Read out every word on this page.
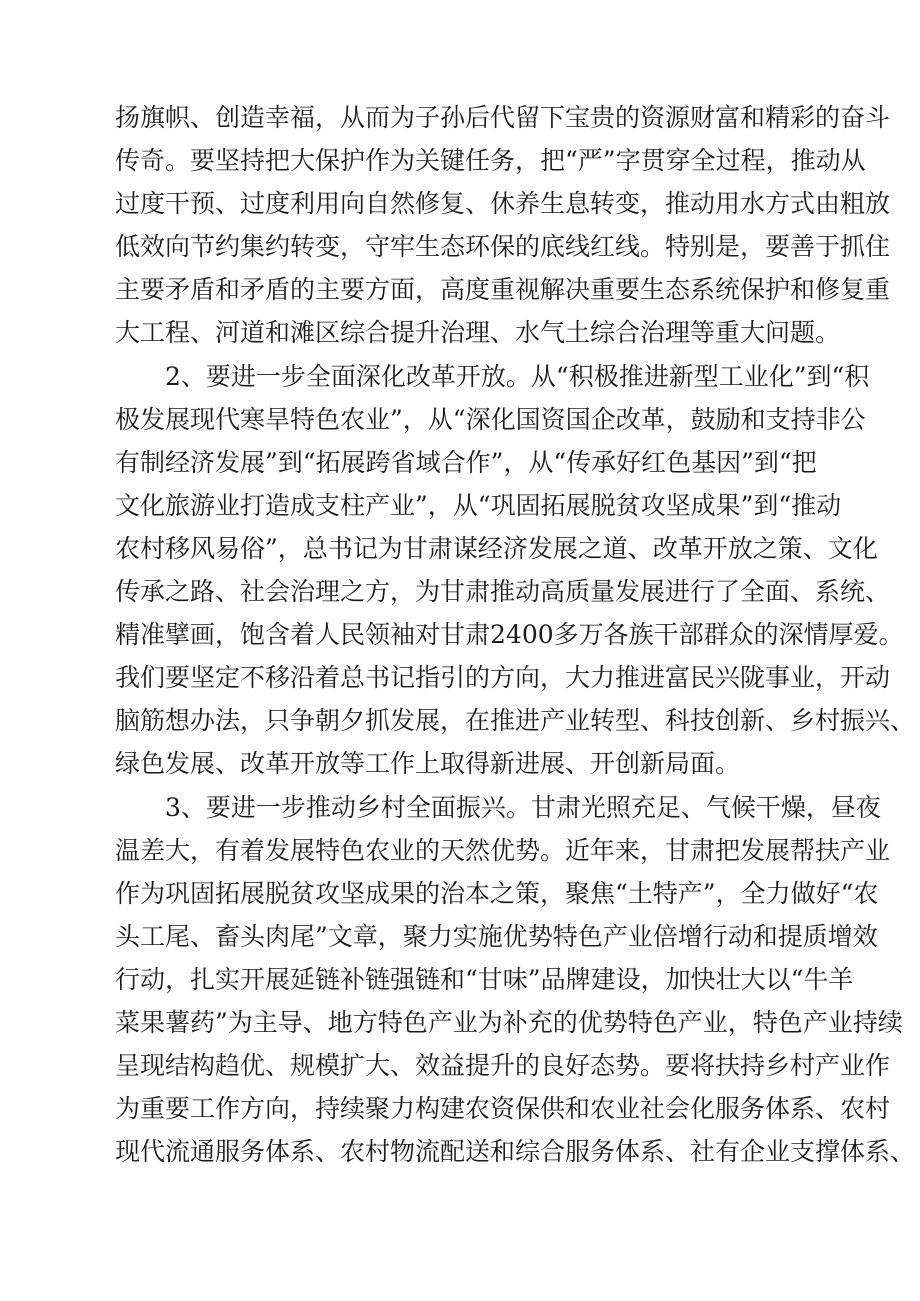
扬旗帜、创造幸福，从而为子孙后代留下宝贵的资源财富和精彩的奋斗
传奇。要坚持把大保护作为关键任务，把“严”字贯穿全过程，推动从
过度干预、过度利用向自然修复、休养生息转变，推动用水方式由粗放
低效向节约集约转变，守牢生态环保的底线红线。特别是，要善于抓住
主要矛盾和矛盾的主要方面，高度重视解决重要生态系统保护和修复重
大工程、河道和滩区综合提升治理、水气土综合治理等重大问题。
2、要进一步全面深化改革开放。从“积极推进新型工业化”到“积
极发展现代寒旱特色农业”，从“深化国资国企改革，鼓励和支持非公
有制经济发展”到“拓展跨省域合作”，从“传承好红色基因”到“把
文化旅游业打造成支柱产业”，从“巩固拓展脱贫攻坚成果”到“推动
农村移风易俗”，总书记为甘肃谋经济发展之道、改革开放之策、文化
传承之路、社会治理之方，为甘肃推动高质量发展进行了全面、系统、
精准擘画，饱含着人民领袖对甘肃2400多万各族干部群众的深情厚爱。
我们要坚定不移沿着总书记指引的方向，大力推进富民兴陇事业，开动
脑筋想办法，只争朝夕抓发展，在推进产业转型、科技创新、乡村振兴、
绿色发展、改革开放等工作上取得新进展、开创新局面。
3、要进一步推动乡村全面振兴。甘肃光照充足、气候干燥，昼夜
温差大，有着发展特色农业的天然优势。近年来，甘肃把发展帮扶产业
作为巩固拓展脱贫攻坚成果的治本之策，聚焦“土特产”，全力做好“农
头工尾、畜头肉尾”文章，聚力实施优势特色产业倍增行动和提质增效
行动，扎实开展延链补链强链和“甘味”品牌建设，加快壮大以“牛羊
菜果薯药”为主导、地方特色产业为补充的优势特色产业，特色产业持续
呈现结构趋优、规模扩大、效益提升的良好态势。要将扶持乡村产业作
为重要工作方向，持续聚力构建农资保供和农业社会化服务体系、农村
现代流通服务体系、农村物流配送和综合服务体系、社有企业支撑体系、
